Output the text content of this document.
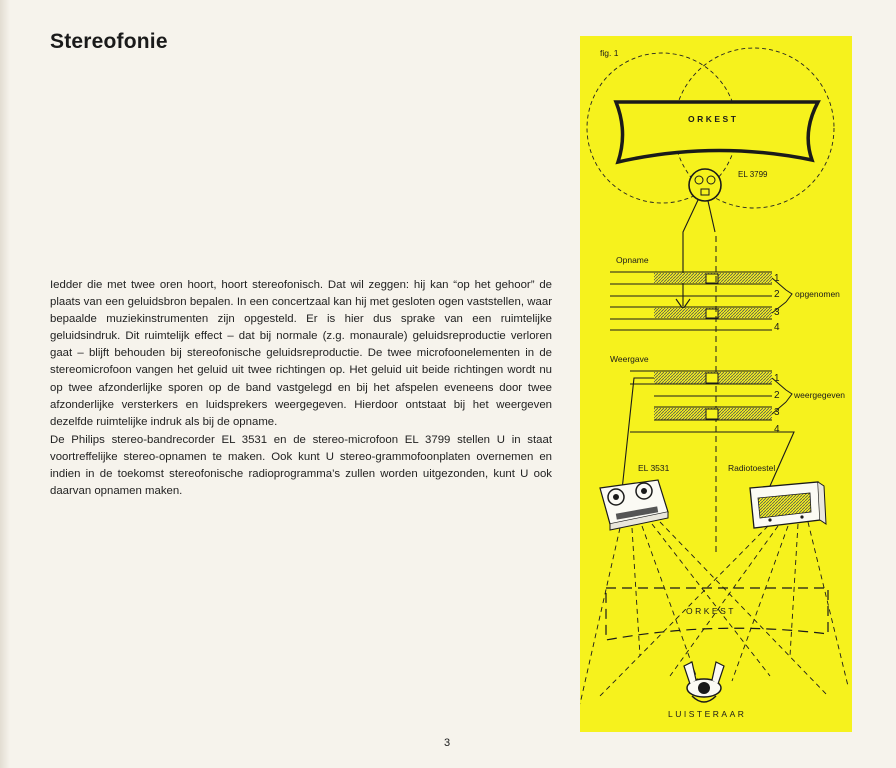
Stereofonie

Iedder die met twee oren hoort, hoort stereofonisch. Dat wil zeggen: hij kan “op het gehoor” de plaats van een geluidsbron bepalen. In een concertzaal kan hij met gesloten ogen vaststellen, waar bepaalde muziekinstrumenten zijn opgesteld. Er is hier dus sprake van een ruimtelijke geluidsindruk. Dit ruimtelijk effect – dat bij normale (z.g. monaurale) geluidsreproductie verloren gaat – blijft behouden bij stereofonische geluidsreproductie. De twee microfoonelementen in de stereomicrofoon vangen het geluid uit twee richtingen op. Het geluid uit beide richtingen wordt nu op twee afzonderlijke sporen op de band vastgelegd en bij het afspelen eveneens door twee afzonderlijke versterkers en luidsprekers weergegeven. Hierdoor ontstaat bij het weergeven dezelfde ruimtelijke indruk als bij de opname.

De Philips stereo-bandrecorder EL 3531 en de stereo-microfoon EL 3799 stellen U in staat voortreffelijke stereo-opnamen te maken. Ook kunt U stereo-grammofoonplaten overnemen en indien in de toekomst stereofonische radioprogramma’s zullen worden uitgezonden, kunt U ook daarvan opnamen maken.

3
fig. 1
ORKEST
EL 3799
Opname
1
2
3
4
opgenomen
Weergave
1
2
3
4
weergegeven
EL 3531	Radiotoestel
ORKEST
LUISTERAAR
